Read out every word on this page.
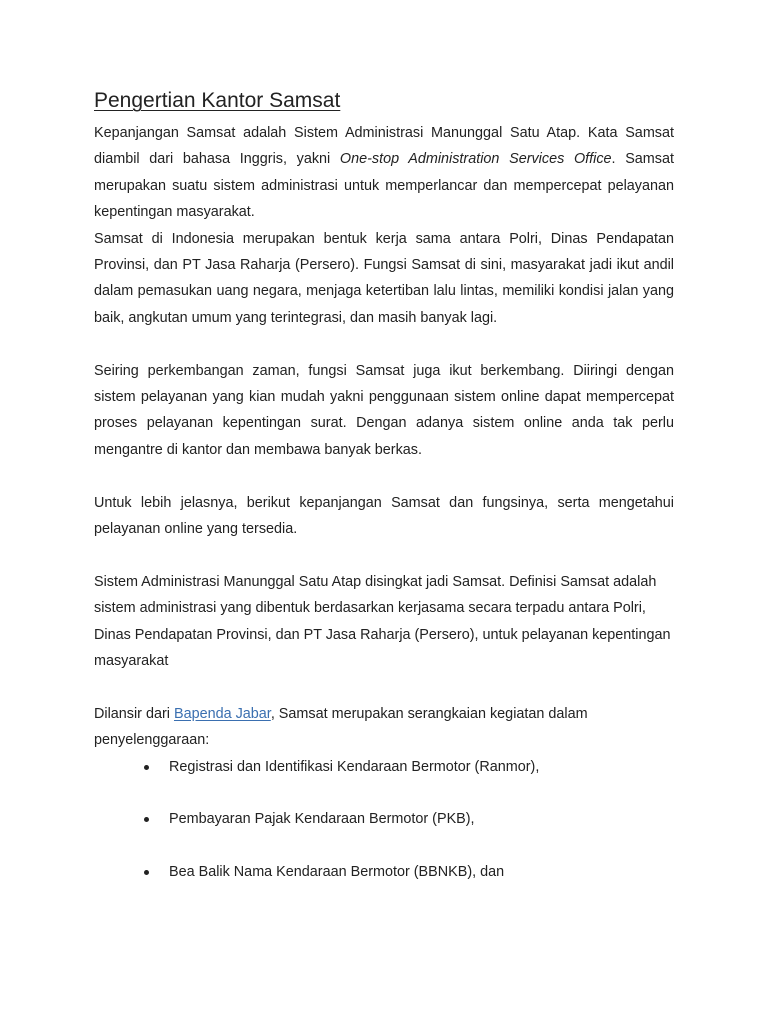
Pengertian Kantor Samsat

Kepanjangan Samsat adalah Sistem Administrasi Manunggal Satu Atap. Kata Samsat diambil dari bahasa Inggris, yakni One-stop Administration Services Office. Samsat merupakan suatu sistem administrasi untuk memperlancar dan mempercepat pelayanan kepentingan masyarakat.

Samsat di Indonesia merupakan bentuk kerja sama antara Polri, Dinas Pendapatan Provinsi, dan PT Jasa Raharja (Persero). Fungsi Samsat di sini, masyarakat jadi ikut andil dalam pemasukan uang negara, menjaga ketertiban lalu lintas, memiliki kondisi jalan yang baik, angkutan umum yang terintegrasi, dan masih banyak lagi.

Seiring perkembangan zaman, fungsi Samsat juga ikut berkembang. Diiringi dengan sistem pelayanan yang kian mudah yakni penggunaan sistem online dapat mempercepat proses pelayanan kepentingan surat. Dengan adanya sistem online anda tak perlu mengantre di kantor dan membawa banyak berkas.

Untuk lebih jelasnya, berikut kepanjangan Samsat dan fungsinya, serta mengetahui pelayanan online yang tersedia.

Sistem Administrasi Manunggal Satu Atap disingkat jadi Samsat. Definisi Samsat adalah sistem administrasi yang dibentuk berdasarkan kerjasama secara terpadu antara Polri, Dinas Pendapatan Provinsi, dan PT Jasa Raharja (Persero), untuk pelayanan kepentingan masyarakat

Dilansir dari Bapenda Jabar, Samsat merupakan serangkaian kegiatan dalam penyelenggaraan:

Registrasi dan Identifikasi Kendaraan Bermotor (Ranmor),
Pembayaran Pajak Kendaraan Bermotor (PKB),
Bea Balik Nama Kendaraan Bermotor (BBNKB), dan
